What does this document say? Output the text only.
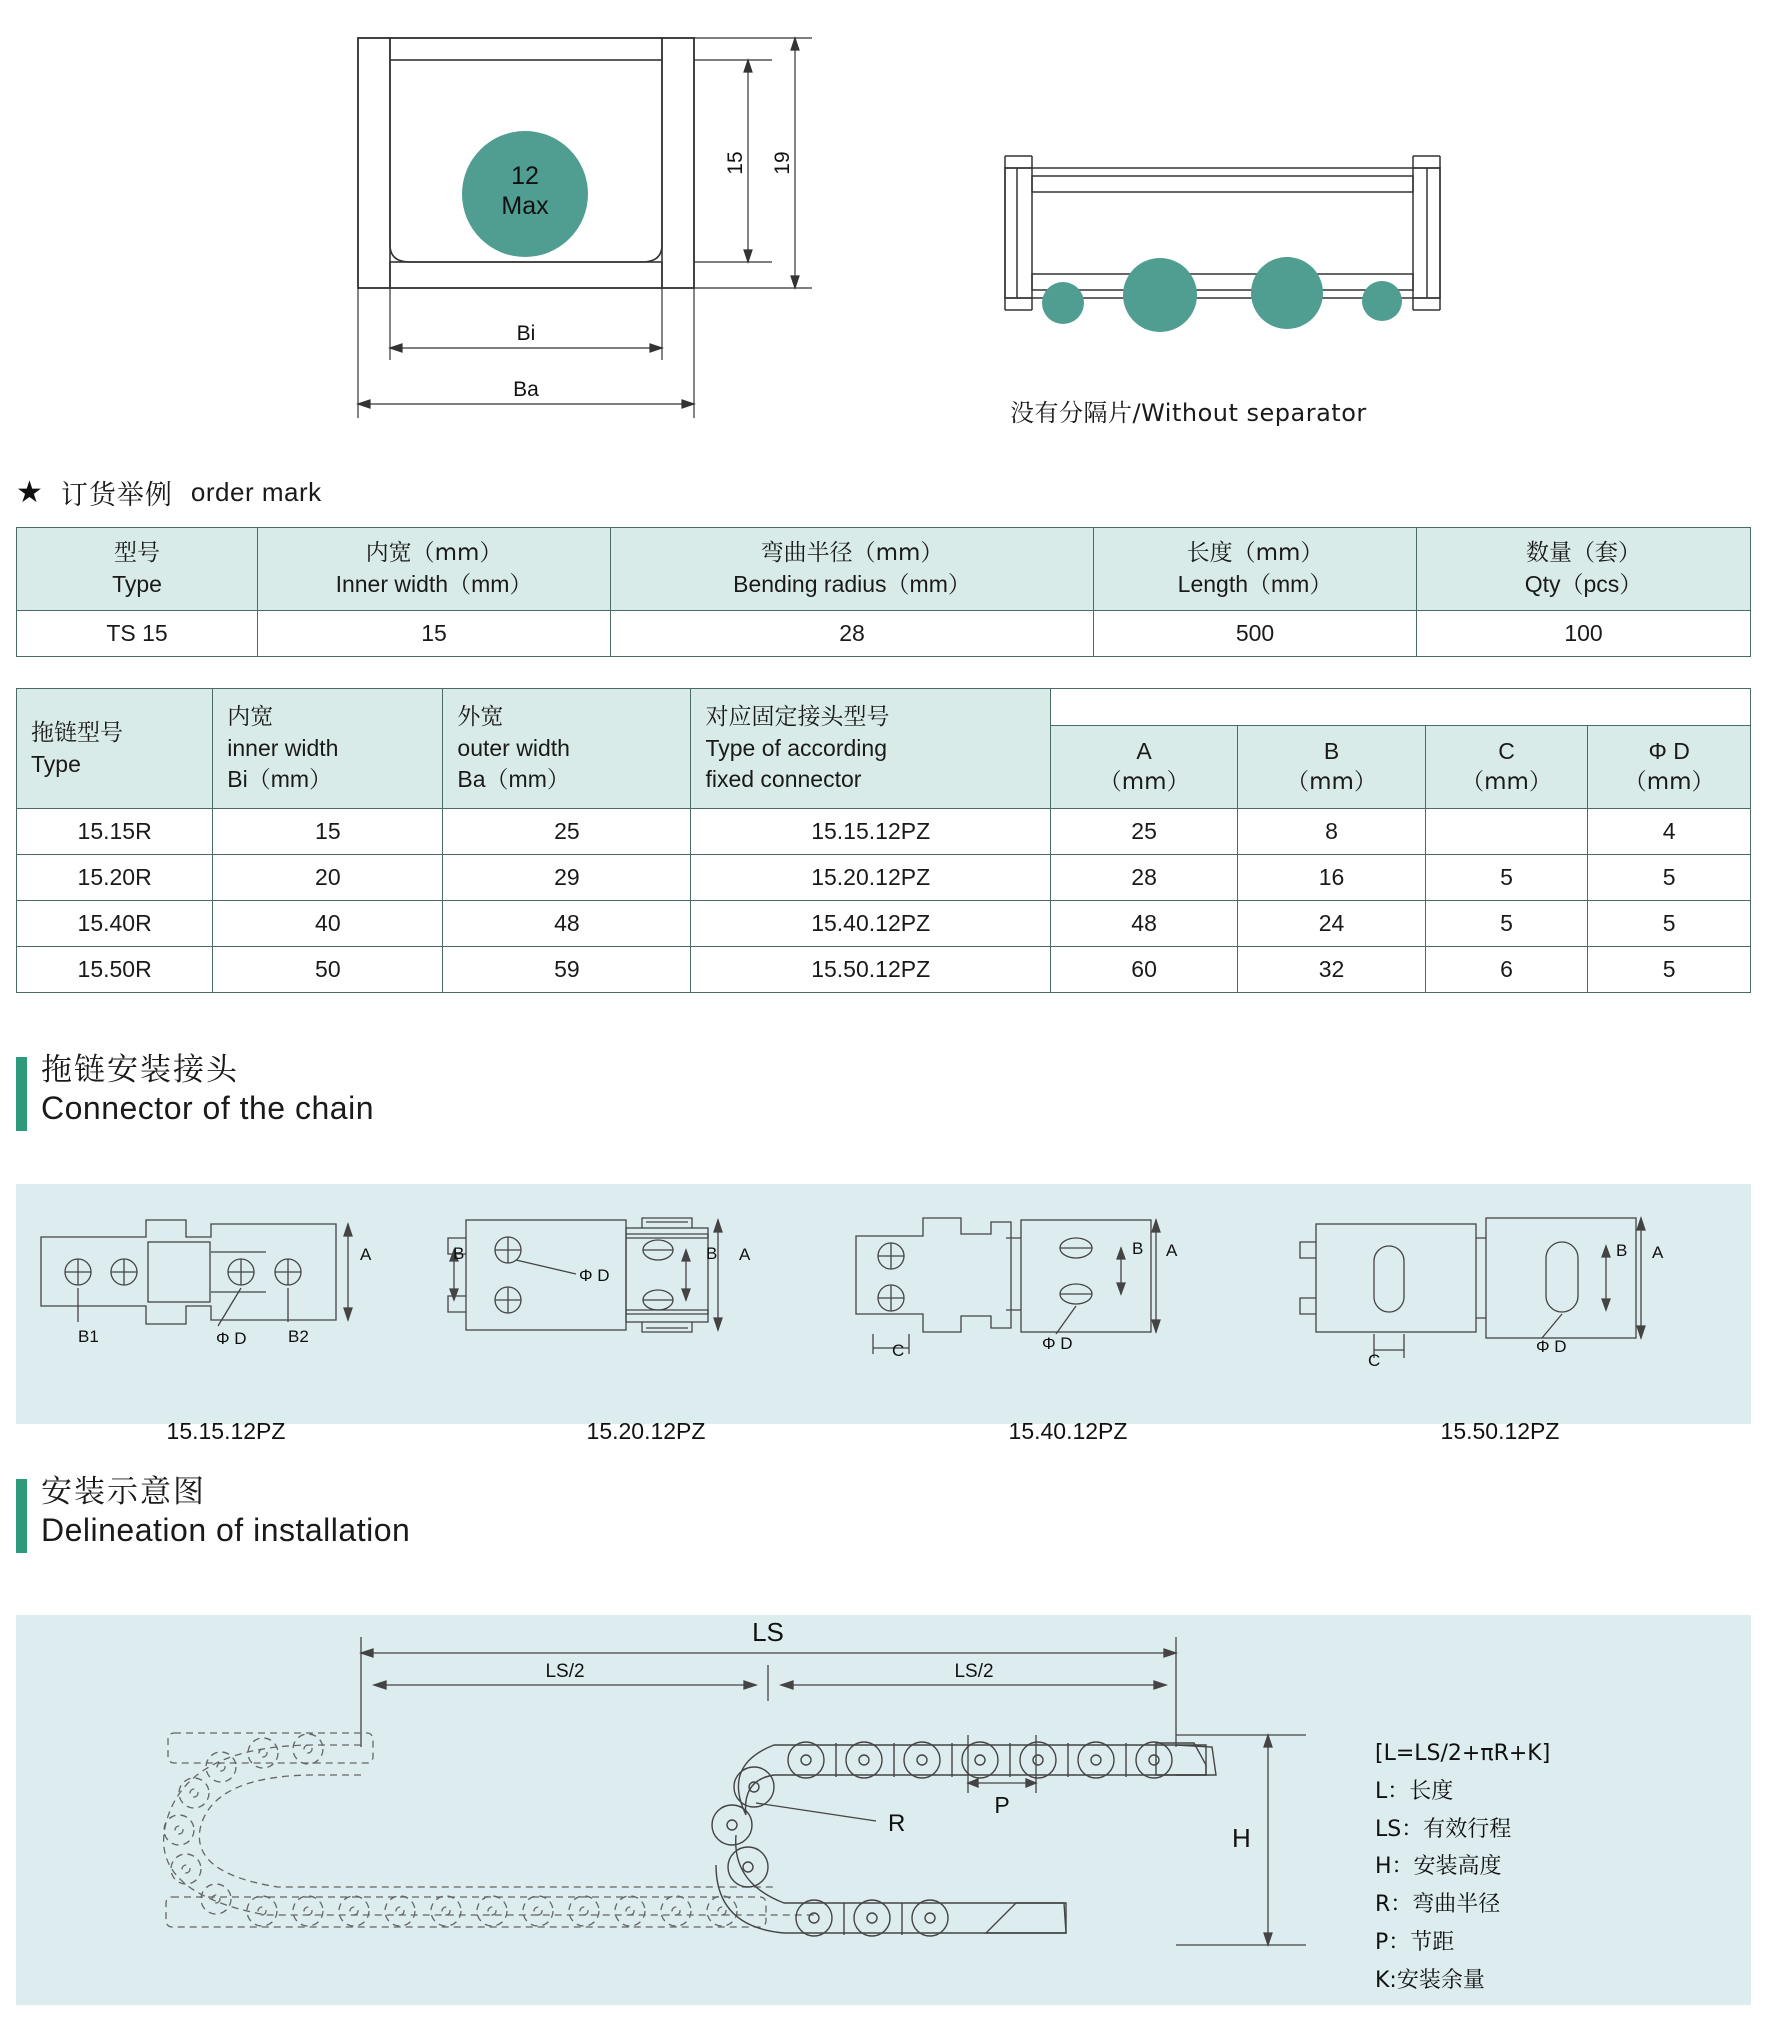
12
Max
15 19
Bi
Ba
没有分隔片/Without separator
★ 订货举例 order mark
型号
Type

内宽（mm）
Inner width（mm）

弯曲半径（mm）
Bending radius（mm）

长度（mm）
Length（mm）

数量（套）
Qty（pcs）

TS 15	15	28	500	100
拖链型号
Type

内宽
inner width
Bi（mm）

外宽
outer width
Ba（mm）

对应固定接头型号
Type of according
fixed connector

A
（mm）

B
（mm）

C
（mm）

Φ D
（mm）

15.15R	15	25	15.15.12PZ	25	8		4
15.20R	20	29	15.20.12PZ	28	16	5	5
15.40R	40	48	15.40.12PZ	48	24	5	5
15.50R	50	59	15.50.12PZ	60	32	6	5
拖链安装接头
Connector of the chain
A
B1	B2
Φ D
B	B A
Φ D
B A
C	Φ D
B A
C
Φ D
15.15.12PZ	15.20.12PZ	15.40.12PZ	15.50.12PZ
安装示意图
Delineation of installation
LS
LS/2	LS/2
P
R	H
[L=LS/2+πR+K]
L：长度
LS：有效行程
H：安装高度
R：弯曲半径
P：节距
K:安装余量
